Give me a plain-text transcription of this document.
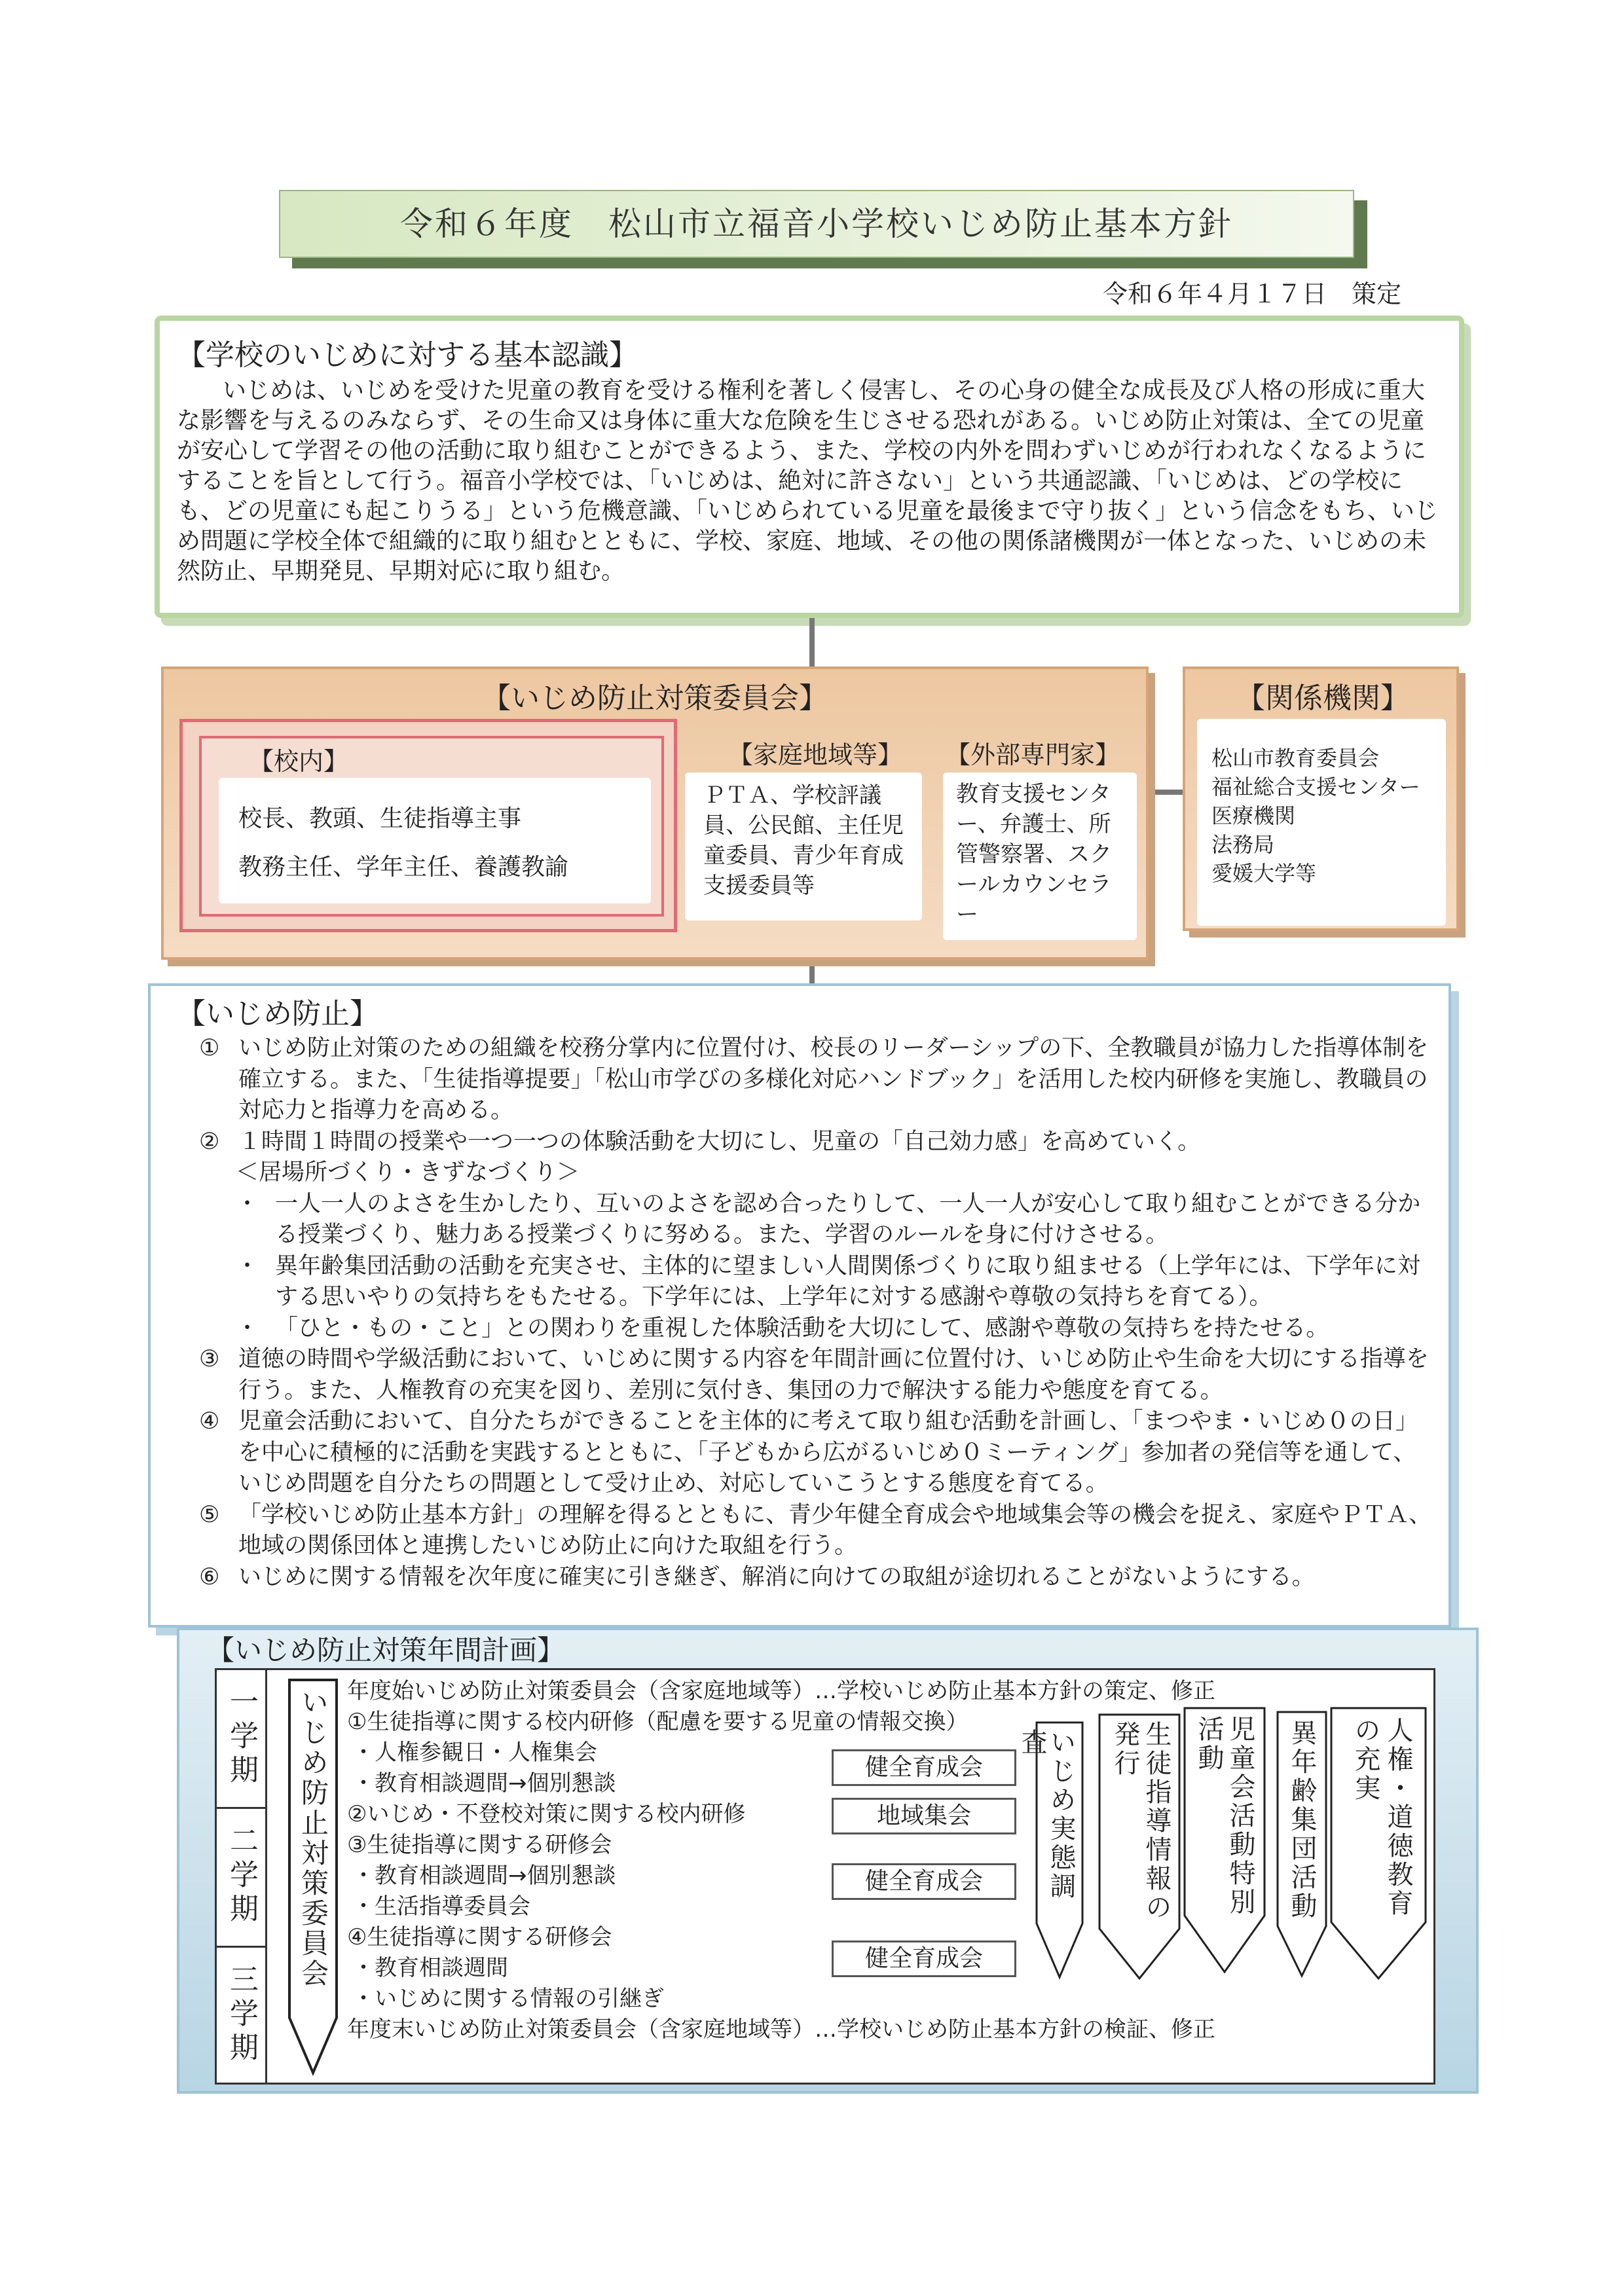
令和６年度　松山市立福音小学校いじめ防止基本方針
令和６年４月１７日　策定
【学校のいじめに対する基本認識】
いじめは、いじめを受けた児童の教育を受ける権利を著しく侵害し、その心身の健全な成長及び人格の形成に重大な影響を与えるのみならず、その生命又は身体に重大な危険を生じさせる恐れがある。いじめ防止対策は、全ての児童が安心して学習その他の活動に取り組むことができるよう、また、学校の内外を問わずいじめが行われなくなるようにすることを旨として行う。福音小学校では、「いじめは、絶対に許さない」という共通認識、「いじめは、どの学校にも、どの児童にも起こりうる」という危機意識、「いじめられている児童を最後まで守り抜く」という信念をもち、いじめ問題に学校全体で組織的に取り組むとともに、学校、家庭、地域、その他の関係諸機関が一体となった、いじめの未然防止、早期発見、早期対応に取り組む。
【いじめ防止対策委員会】
【校内】
校長、教頭、生徒指導主事
教務主任、学年主任、養護教諭
【家庭地域等】
ＰＴＡ、学校評議員、公民館、主任児童委員、青少年育成支援委員等
【外部専門家】
教育支援センター、弁護士、所管警察署、スクールカウンセラー
【関係機関】
松山市教育委員会
福祉総合支援センター
医療機関
法務局
愛媛大学等
【いじめ防止】
① いじめ防止対策のための組織を校務分掌内に位置付け、校長のリーダーシップの下、全教職員が協力した指導体制を確立する。また、「生徒指導提要」「松山市学びの多様化対応ハンドブック」を活用した校内研修を実施し、教職員の対応力と指導力を高める。
② １時間１時間の授業や一つ一つの体験活動を大切にし、児童の「自己効力感」を高めていく。
＜居場所づくり・きずなづくり＞
・ 一人一人のよさを生かしたり、互いのよさを認め合ったりして、一人一人が安心して取り組むことができる分かる授業づくり、魅力ある授業づくりに努める。また、学習のルールを身に付けさせる。
・ 異年齢集団活動の活動を充実させ、主体的に望ましい人間関係づくりに取り組ませる（上学年には、下学年に対する思いやりの気持ちをもたせる。下学年には、上学年に対する感謝や尊敬の気持ちを育てる）。
・ 「ひと・もの・こと」との関わりを重視した体験活動を大切にして、感謝や尊敬の気持ちを持たせる。
③ 道徳の時間や学級活動において、いじめに関する内容を年間計画に位置付け、いじめ防止や生命を大切にする指導を行う。また、人権教育の充実を図り、差別に気付き、集団の力で解決する能力や態度を育てる。
④ 児童会活動において、自分たちができることを主体的に考えて取り組む活動を計画し、「まつやま・いじめ０の日」を中心に積極的に活動を実践するとともに、「子どもから広がるいじめ０ミーティング」参加者の発信等を通して、いじめ問題を自分たちの問題として受け止め、対応していこうとする態度を育てる。
⑤ 「学校いじめ防止基本方針」の理解を得るとともに、青少年健全育成会や地域集会等の機会を捉え、家庭やＰＴＡ、地域の関係団体と連携したいじめ防止に向けた取組を行う。
⑥ いじめに関する情報を次年度に確実に引き継ぎ、解消に向けての取組が途切れることがないようにする。
【いじめ防止対策年間計画】
一学期
二学期
三学期
いじめ防止対策委員会 年度始いじめ防止対策委員会（含家庭地域等）…学校いじめ防止基本方針の策定、修正
①生徒指導に関する校内研修（配慮を要する児童の情報交換）
・人権参観日・人権集会
・教育相談週間→個別懇談
②いじめ・不登校対策に関する校内研修
③生徒指導に関する研修会
・教育相談週間→個別懇談
・生活指導委員会
④生徒指導に関する研修会
・教育相談週間
・いじめに関する情報の引継ぎ
年度末いじめ防止対策委員会（含家庭地域等）…学校いじめ防止基本方針の検証、修正
健全育成会
地域集会
健全育成会
健全育成会
いじめ実態調査	生徒指導情報の発行	児童会活動特別活動	異年齢集団活動	人権・道徳教育の充実
